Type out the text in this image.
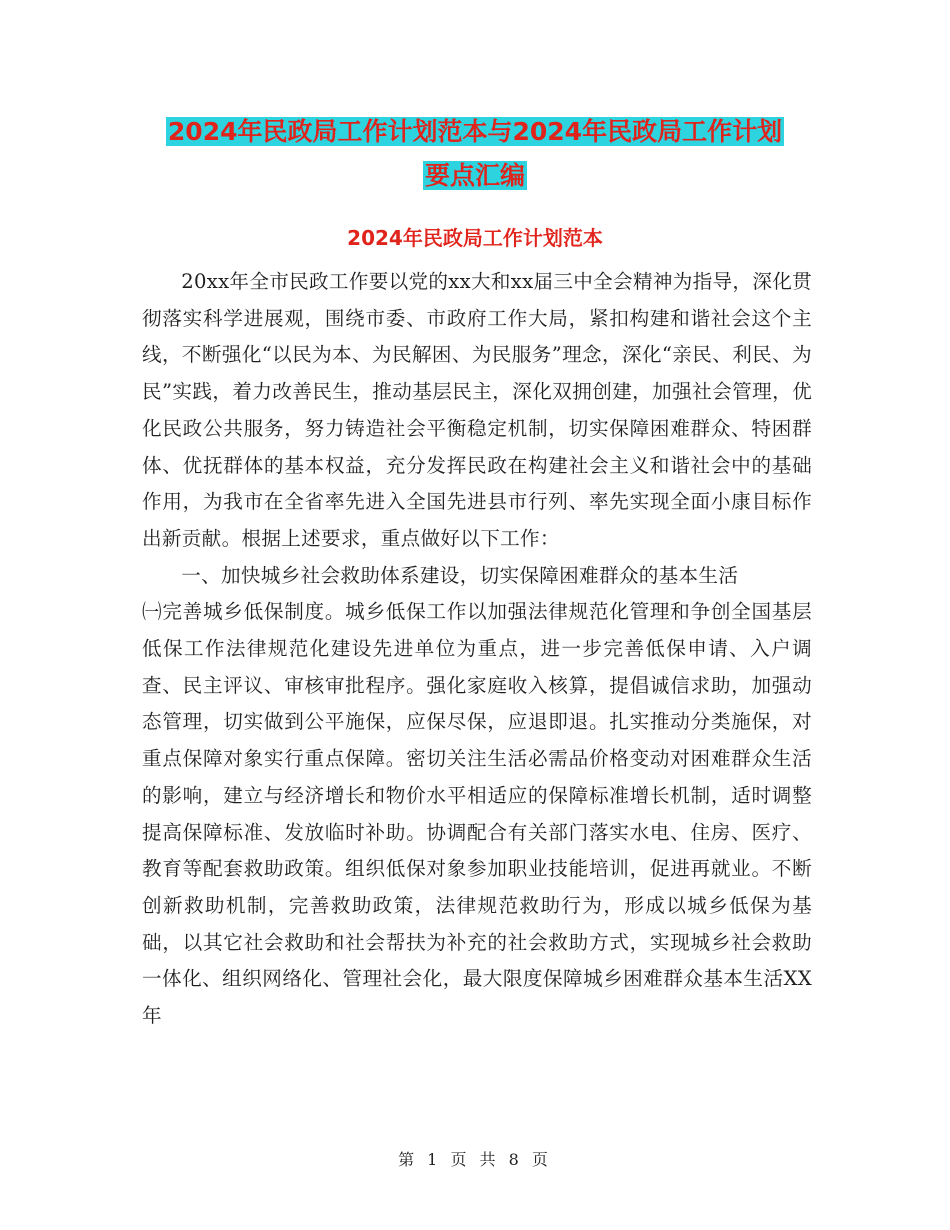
2024年民政局工作计划范本与2024年民政局工作计划
要点汇编
2024年民政局工作计划范本

20xx年全市民政工作要以党的xx大和xx届三中全会精神为指导，深化贯彻落实科学进展观，围绕市委、市政府工作大局，紧扣构建和谐社会这个主线，不断强化“以民为本、为民解困、为民服务”理念，深化“亲民、利民、为民”实践，着力改善民生，推动基层民主，深化双拥创建，加强社会管理，优化民政公共服务，努力铸造社会平衡稳定机制，切实保障困难群众、特困群体、优抚群体的基本权益，充分发挥民政在构建社会主义和谐社会中的基础作用，为我市在全省率先进入全国先进县市行列、率先实现全面小康目标作出新贡献。根据上述要求，重点做好以下工作：

一、加快城乡社会救助体系建设，切实保障困难群众的基本生活

㈠完善城乡低保制度。城乡低保工作以加强法律规范化管理和争创全国基层低保工作法律规范化建设先进单位为重点，进一步完善低保申请、入户调查、民主评议、审核审批程序。强化家庭收入核算，提倡诚信求助，加强动态管理，切实做到公平施保，应保尽保，应退即退。扎实推动分类施保，对重点保障对象实行重点保障。密切关注生活必需品价格变动对困难群众生活的影响，建立与经济增长和物价水平相适应的保障标准增长机制，适时调整提高保障标准、发放临时补助。协调配合有关部门落实水电、住房、医疗、教育等配套救助政策。组织低保对象参加职业技能培训，促进再就业。不断创新救助机制，完善救助政策，法律规范救助行为，形成以城乡低保为基础，以其它社会救助和社会帮扶为补充的社会救助方式，实现城乡社会救助一体化、组织网络化、管理社会化，最大限度保障城乡困难群众基本生活XX年

第 1 页 共 8 页
